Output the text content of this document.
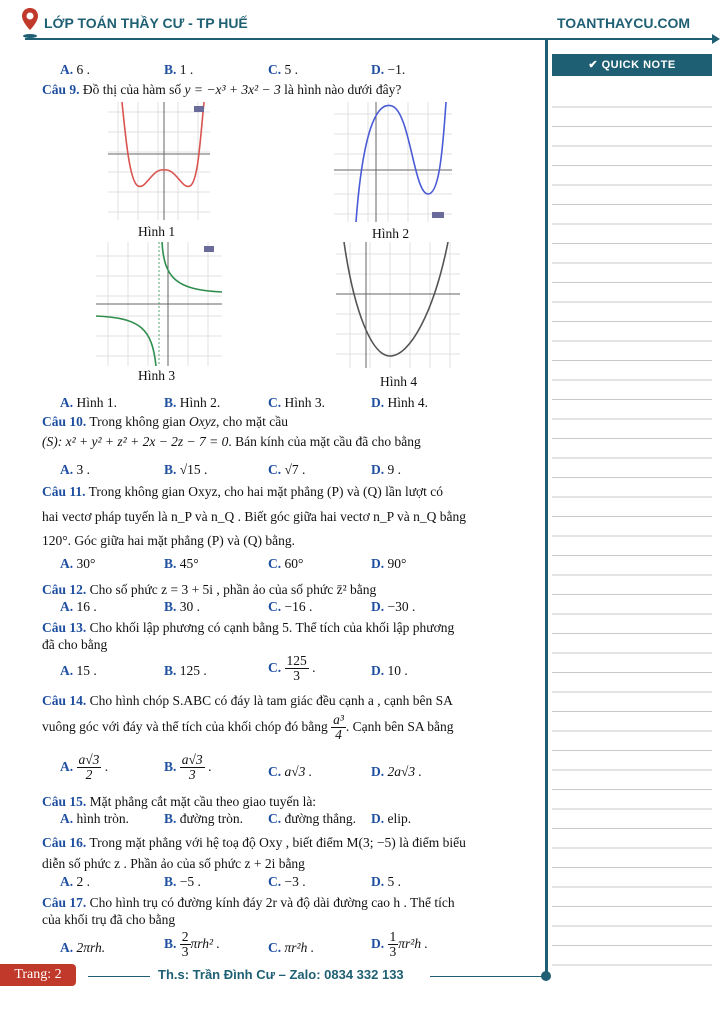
LỚP TOÁN THẦY CƯ - TP HUẾ	TOANTHAYCU.COM
✔ QUICK NOTE
A. 6 .	B. 1 .	C. 5 .	D. −1.
Câu 9. Đồ thị của hàm số y = −x³ + 3x² − 3 là hình nào dưới đây?
Hình 1	Hình 2
Hình 3	Hình 4
A. Hình 1.	B. Hình 2.	C. Hình 3.	D. Hình 4.
Câu 10. Trong không gian Oxyz, cho mặt cầu
(S): x² + y² + z² + 2x − 2z − 7 = 0. Bán kính của mặt cầu đã cho bằng
A. 3 .	B. √15 .	C. √7 .	D. 9 .
Câu 11. Trong không gian Oxyz, cho hai mặt phẳng (P) và (Q) lần lượt có
hai vectơ pháp tuyến là n_P và n_Q . Biết góc giữa hai vectơ n_P và n_Q bằng
120°. Góc giữa hai mặt phẳng (P) và (Q) bằng.
A. 30°	B. 45°	C. 60°	D. 90°
Câu 12. Cho số phức z = 3 + 5i , phần ảo của số phức z̄² bằng
A. 16 .	B. 30 .	C. −16 .	D. −30 .
Câu 13. Cho khối lập phương có cạnh bằng 5. Thể tích của khối lập phương
đã cho bằng
A. 15 .	B. 125 .	C. $\frac{125}{3}$ .	D. 10 .
Câu 14. Cho hình chóp S.ABC có đáy là tam giác đều cạnh a , cạnh bên SA
vuông góc với đáy và thể tích của khối chóp đó bằng $\frac{\text{a³}}{4}$ . Cạnh bên SA bằng
A. $\frac{a√3}{2}$ .	B. $\frac{a√3}{3}$ .	C. a√3 .	D. 2a√3 .
Câu 15. Mặt phẳng cắt mặt cầu theo giao tuyến là:
A. hình tròn.	B. đường tròn. C. đường thẳng. D. elip.
Câu 16. Trong mặt phẳng với hệ toạ độ Oxy , biết điểm M(3; −5) là điểm biểu
diễn số phức z . Phần ảo của số phức z + 2i bằng
A. 2 .	B. −5 .	C. −3 .	D. 5 .
Câu 17. Cho hình trụ có đường kính đáy 2r và độ dài đường cao h . Thể tích
của khối trụ đã cho bằng
A. 2πrh.	B. $\frac{2}{3} \pi rh^2$ .	C. πr²h .	D. $\frac{1}{3} \pi r^2h$ .
Trang: 2	Th.s: Trần Đình Cư – Zalo: 0834 332 133
